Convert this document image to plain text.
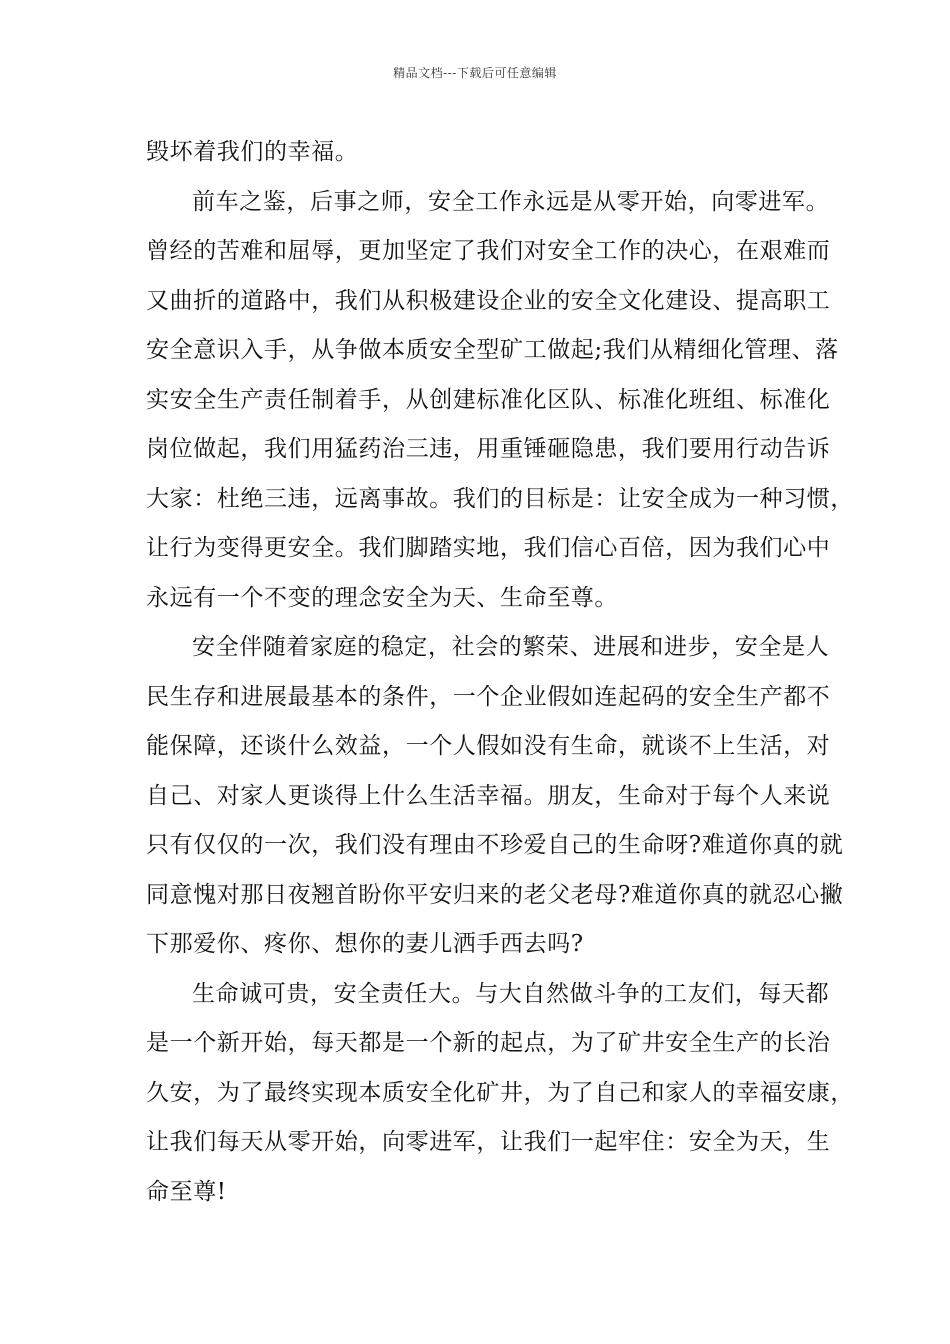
精品文档---下载后可任意编辑
毁坏着我们的幸福。
前车之鉴，后事之师，安全工作永远是从零开始，向零进军。
曾经的苦难和屈辱，更加坚定了我们对安全工作的决心，在艰难而
又曲折的道路中，我们从积极建设企业的安全文化建设、提高职工
安全意识入手，从争做本质安全型矿工做起;我们从精细化管理、落
实安全生产责任制着手，从创建标准化区队、标准化班组、标准化
岗位做起，我们用猛药治三违，用重锤砸隐患，我们要用行动告诉
大家：杜绝三违，远离事故。我们的目标是：让安全成为一种习惯，
让行为变得更安全。我们脚踏实地，我们信心百倍，因为我们心中
永远有一个不变的理念安全为天、生命至尊。
安全伴随着家庭的稳定，社会的繁荣、进展和进步，安全是人
民生存和进展最基本的条件，一个企业假如连起码的安全生产都不
能保障，还谈什么效益，一个人假如没有生命，就谈不上生活，对
自己、对家人更谈得上什么生活幸福。朋友，生命对于每个人来说
只有仅仅的一次，我们没有理由不珍爱自己的生命呀?难道你真的就
同意愧对那日夜翘首盼你平安归来的老父老母?难道你真的就忍心撇
下那爱你、疼你、想你的妻儿洒手西去吗?
生命诚可贵，安全责任大。与大自然做斗争的工友们，每天都
是一个新开始，每天都是一个新的起点，为了矿井安全生产的长治
久安，为了最终实现本质安全化矿井，为了自己和家人的幸福安康，
让我们每天从零开始，向零进军，让我们一起牢住：安全为天，生
命至尊!
